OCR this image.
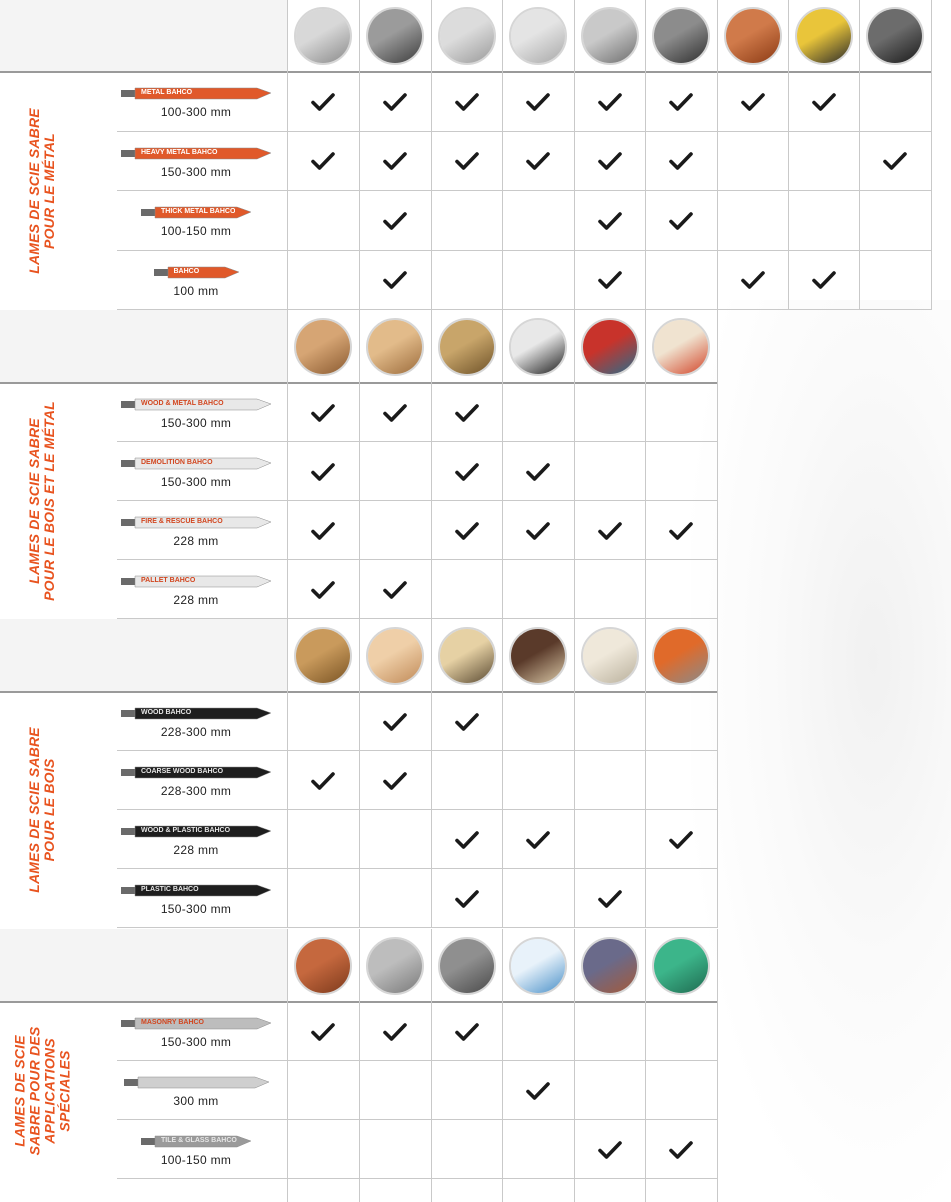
LAMES DE SCIE SABRE
POUR LE MÉTAL
METAL BAHCO
100-300 mm
HEAVY METAL BAHCO
150-300 mm
THICK METAL BAHCO
100-150 mm
BAHCO
100 mm
LAMES DE SCIE SABRE
POUR LE BOIS ET LE MÉTAL	WOOD & METAL BAHCO
150-300 mm
DEMOLITION BAHCO
150-300 mm
FIRE & RESCUE BAHCO
228 mm
PALLET BAHCO
228 mm
LAMES DE SCIE SABRE
POUR LE BOIS
WOOD BAHCO
228-300 mm
COARSE WOOD BAHCO
228-300 mm
WOOD & PLASTIC BAHCO
228 mm
PLASTIC BAHCO
150-300 mm
LAMES DE SCIE
SABRE POUR DES
APPLICATIONS
SPÉCIALES
MASONRY BAHCO
150-300 mm
300 mm
TILE & GLASS BAHCO
100-150 mm
